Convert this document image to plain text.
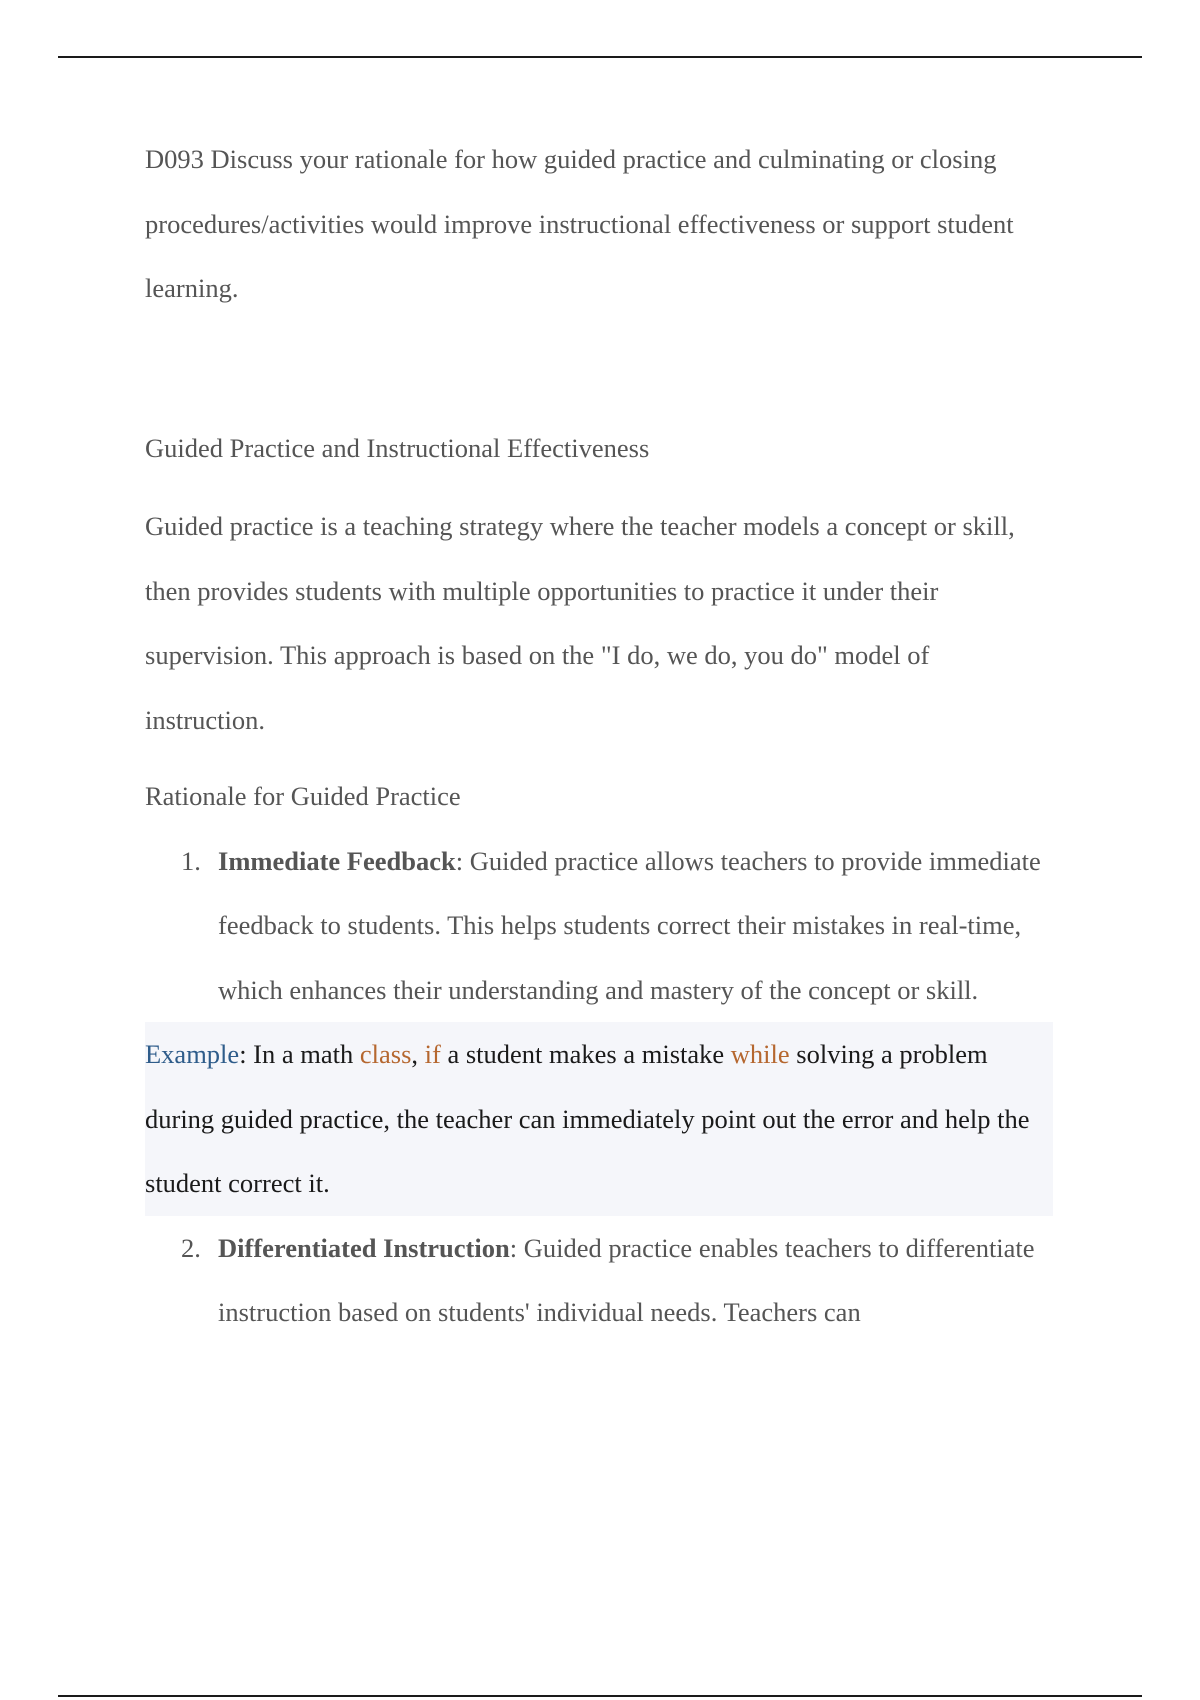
D093 Discuss your rationale for how guided practice and culminating or closing procedures/activities would improve instructional effectiveness or support student learning.

Guided Practice and Instructional Effectiveness

Guided practice is a teaching strategy where the teacher models a concept or skill, then provides students with multiple opportunities to practice it under their supervision. This approach is based on the "I do, we do, you do" model of instruction.

Rationale for Guided Practice
1. Immediate Feedback: Guided practice allows teachers to provide immediate feedback to students. This helps students correct their mistakes in real-time, which enhances their understanding and mastery of the concept or skill.

Example: In a math class, if a student makes a mistake while solving a problem during guided practice, the teacher can immediately point out the error and help the student correct it.

2. Differentiated Instruction: Guided practice enables teachers to differentiate instruction based on students' individual needs. Teachers can
